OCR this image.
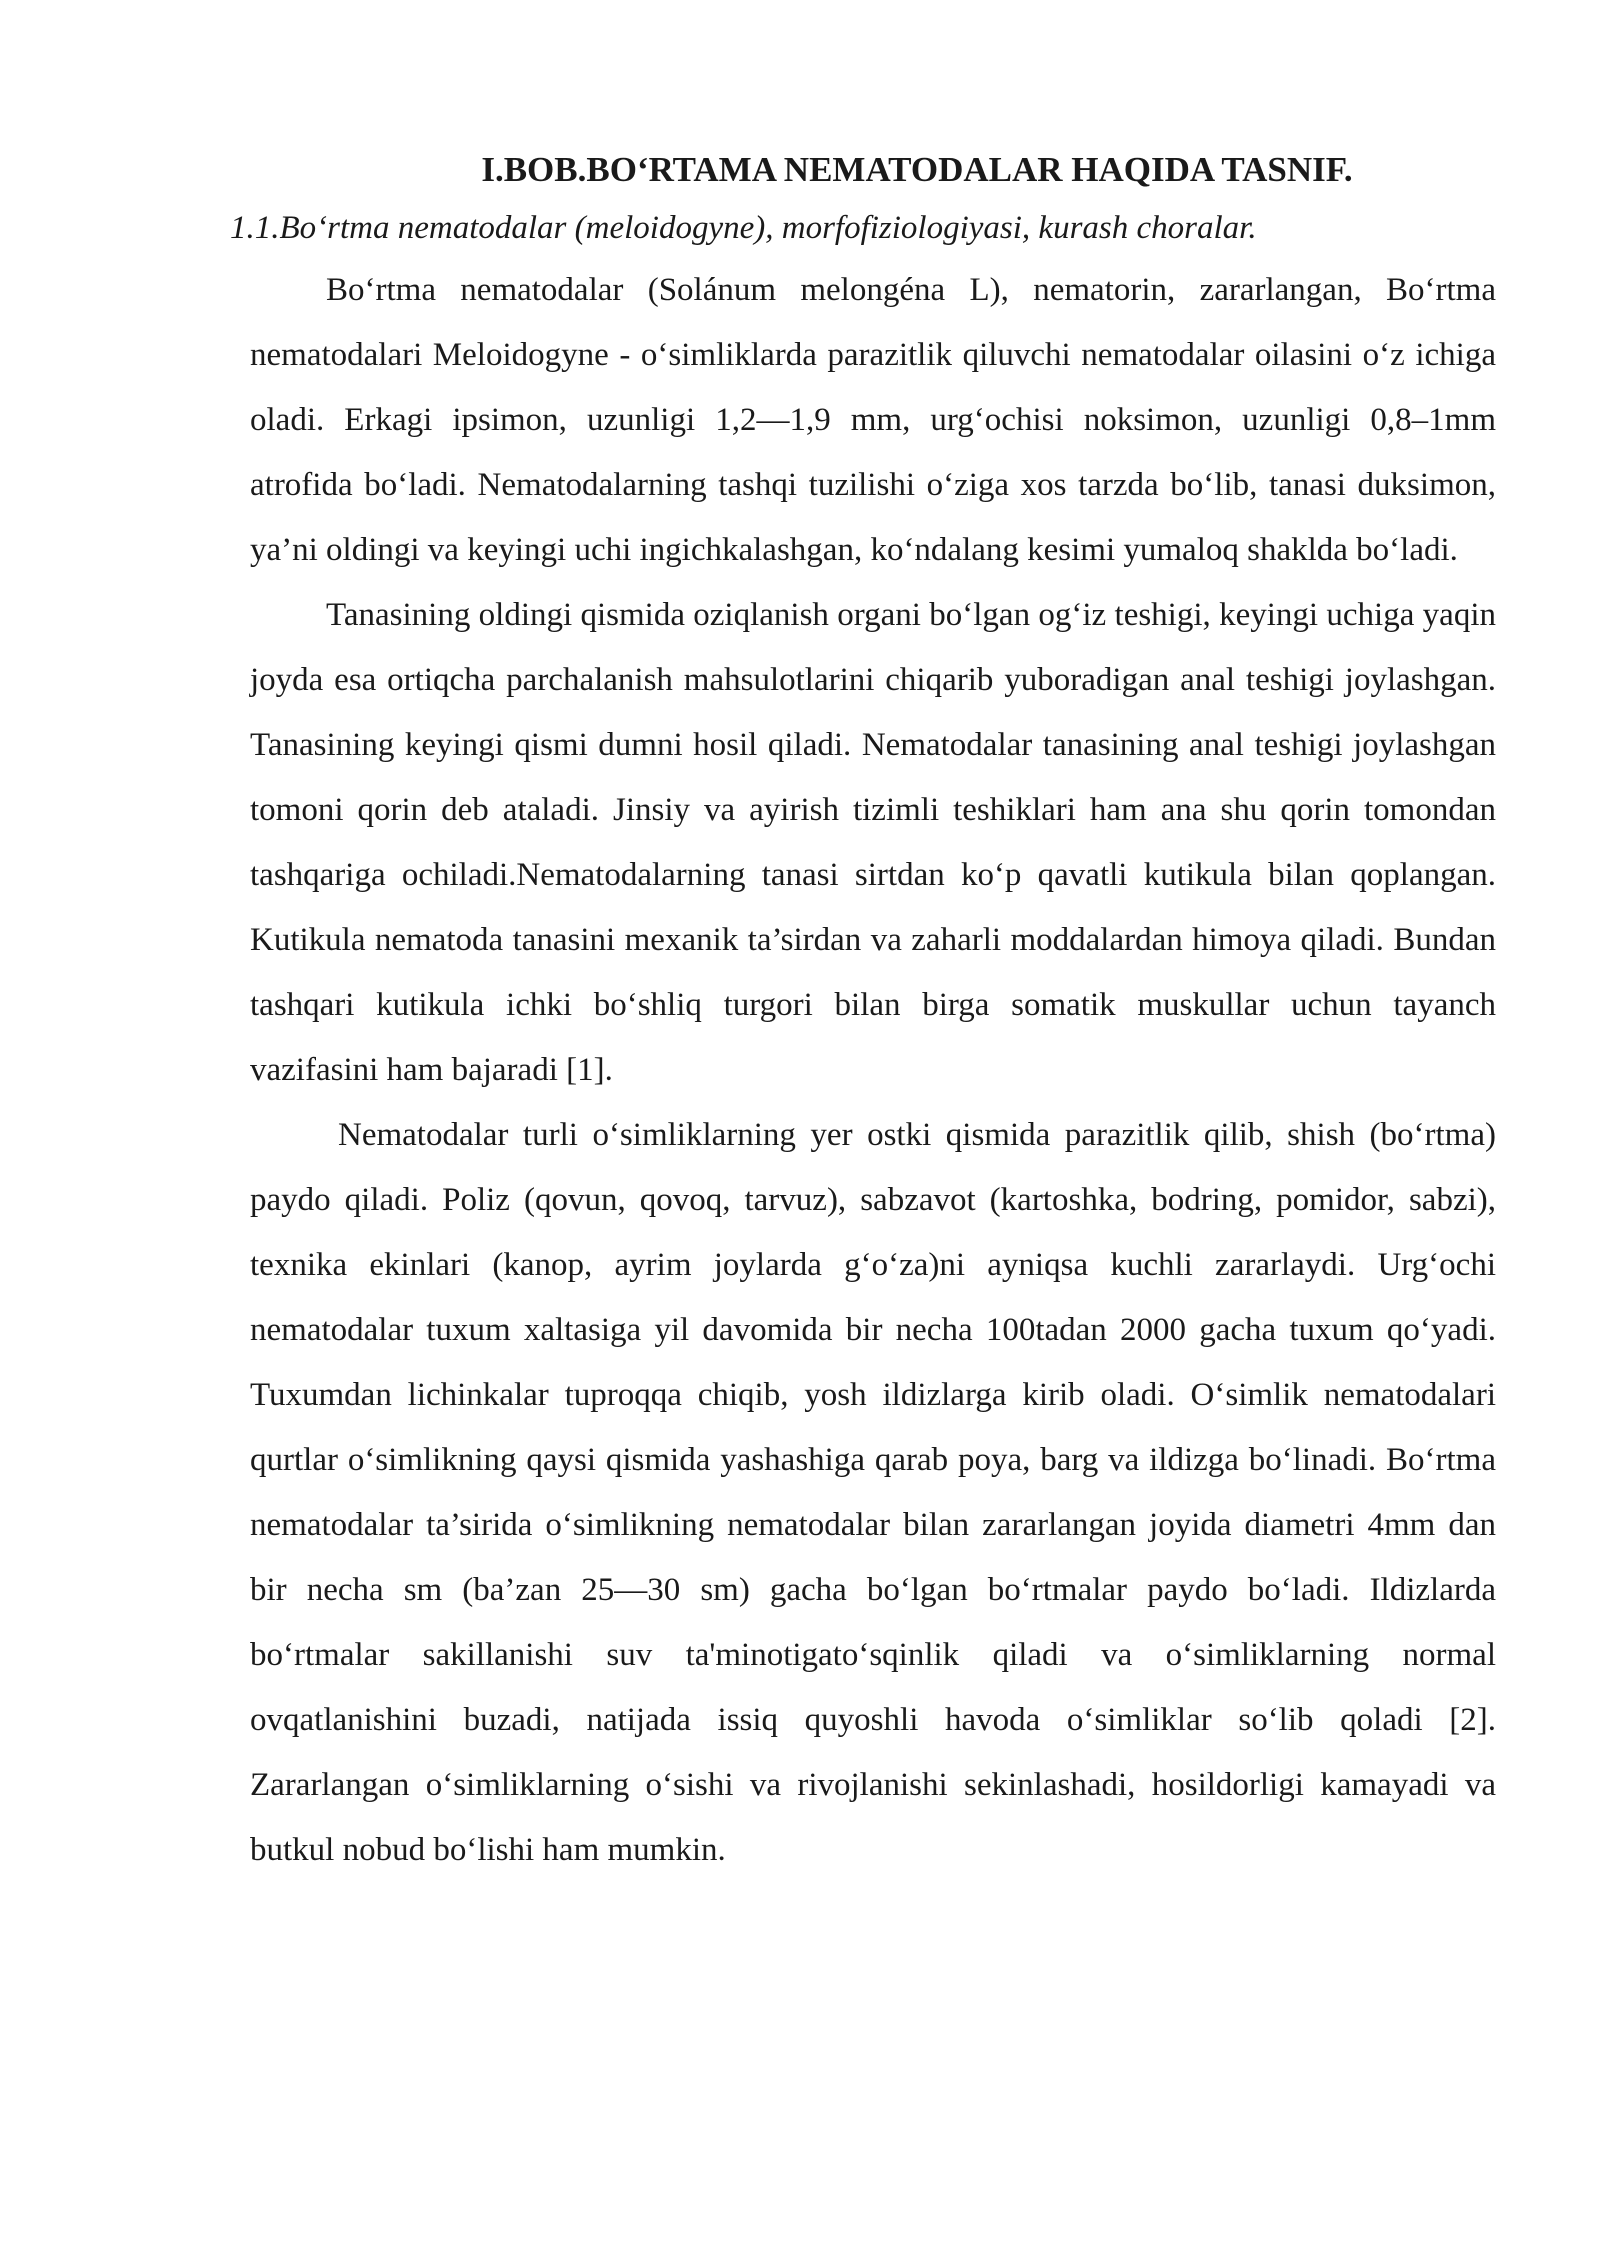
I.BOB.BO‘RTAMA NEMATODALAR HAQIDA TASNIF.
1.1.Bo‘rtma nematodalar (meloidogyne), morfofiziologiyasi, kurash choralar.

Bo‘rtma nematodalar (Solánum melongéna L), nematorin, zararlangan, Bo‘rtma nematodalari Meloidogyne - o‘simliklarda parazitlik qiluvchi nematodalar oilasini o‘z ichiga oladi. Erkagi ipsimon, uzunligi 1,2—1,9 mm, urg‘ochisi noksimon, uzunligi 0,8–1mm atrofida bo‘ladi. Nematodalarning tashqi tuzilishi o‘ziga xos tarzda bo‘lib, tanasi duksimon, ya’ni oldingi va keyingi uchi ingichkalashgan, ko‘ndalang kesimi yumaloq shaklda bo‘ladi.

Tanasining oldingi qismida oziqlanish organi bo‘lgan og‘iz teshigi, keyingi uchiga yaqin joyda esa ortiqcha parchalanish mahsulotlarini chiqarib yuboradigan anal teshigi joylashgan. Tanasining keyingi qismi dumni hosil qiladi. Nematodalar tanasining anal teshigi joylashgan tomoni qorin deb ataladi. Jinsiy va ayirish tizimli teshiklari ham ana shu qorin tomondan tashqariga ochiladi.Nematodalarning tanasi sirtdan ko‘p qavatli kutikula bilan qoplangan. Kutikula nematoda tanasini mexanik ta’sirdan va zaharli moddalardan himoya qiladi. Bundan tashqari kutikula ichki bo‘shliq turgori bilan birga somatik muskullar uchun tayanch vazifasini ham bajaradi [1].

Nematodalar turli o‘simliklarning yer ostki qismida parazitlik qilib, shish (bo‘rtma) paydo qiladi. Poliz (qovun, qovoq, tarvuz), sabzavot (kartoshka, bodring, pomidor, sabzi), texnika ekinlari (kanop, ayrim joylarda g‘o‘za)ni ayniqsa kuchli zararlaydi. Urg‘ochi nematodalar tuxum xaltasiga yil davomida bir necha 100tadan 2000 gacha tuxum qo‘yadi. Tuxumdan lichinkalar tuproqqa chiqib, yosh ildizlarga kirib oladi. O‘simlik nematodalari qurtlar o‘simlikning qaysi qismida yashashiga qarab poya, barg va ildizga bo‘linadi. Bo‘rtma nematodalar ta’sirida o‘simlikning nematodalar bilan zararlangan joyida diametri 4mm dan bir necha sm (ba’zan 25—30 sm) gacha bo‘lgan bo‘rtmalar paydo bo‘ladi. Ildizlarda bo‘rtmalar sakillanishi suv ta'minotigato‘sqinlik qiladi va o‘simliklarning normal ovqatlanishini buzadi, natijada issiq quyoshli havoda o‘simliklar so‘lib qoladi [2]. Zararlangan o‘simliklarning o‘sishi va rivojlanishi sekinlashadi, hosildorligi kamayadi va butkul nobud bo‘lishi ham mumkin.
